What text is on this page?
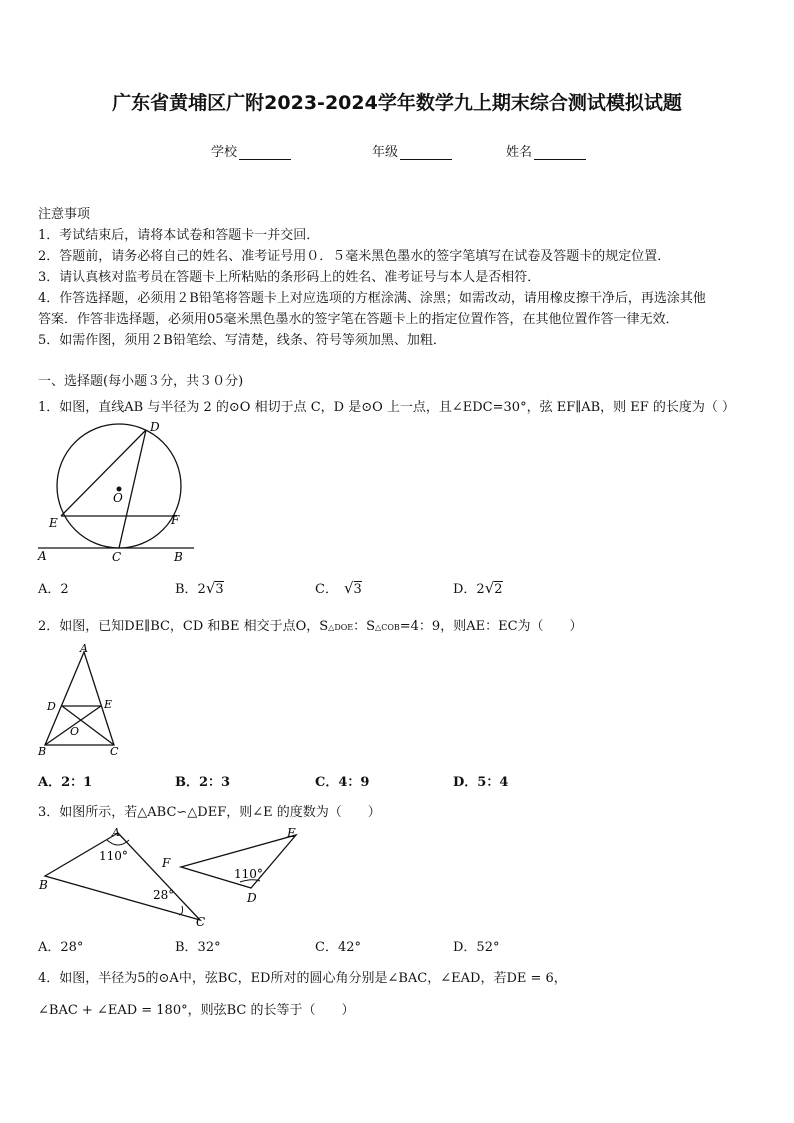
广东省黄埔区广附2023-2024学年数学九上期末综合测试模拟试题
学校	年级	姓名
注意事项
1．考试结束后，请将本试卷和答题卡一并交回．
2．答题前，请务必将自己的姓名、准考证号用０．５毫米黑色墨水的签字笔填写在试卷及答题卡的规定位置．
3．请认真核对监考员在答题卡上所粘贴的条形码上的姓名、准考证号与本人是否相符．
4．作答选择题，必须用２B铅笔将答题卡上对应选项的方框涂满、涂黑；如需改动，请用橡皮擦干净后，再选涂其他
答案．作答非选择题，必须用05毫米黑色墨水的签字笔在答题卡上的指定位置作答，在其他位置作答一律无效．
5．如需作图，须用２B铅笔绘、写清楚，线条、符号等须加黑、加粗．
一、选择题(每小题３分，共３０分)
1．如图，直线AB 与半径为 2 的⊙O 相切于点 C，D 是⊙O 上一点，且∠EDC=30°，弦 EF∥AB，则 EF 的长度为（ ）
D
O
E	F
A	C	B
A．2	B．2√3	C． √3	D．2√2
2．如图，已知DE∥BC，CD 和BE 相交于点O，S△DOE：S△COB=4：9，则AE：EC为（　　）
A
D	E
O
B	C
A．2：1	B．2：3	C．4：9	D．5：4
3．如图所示，若△ABC∽△DEF，则∠E 的度数为（　　）
A
110°
B
28°
C
F
E
110°
D
A．28°	B．32°	C．42°	D．52°
4．如图，半径为5的⊙A中，弦BC，ED所对的圆心角分别是∠BAC，∠EAD，若DE = 6，
∠BAC + ∠EAD = 180°，则弦BC 的长等于（　　）
